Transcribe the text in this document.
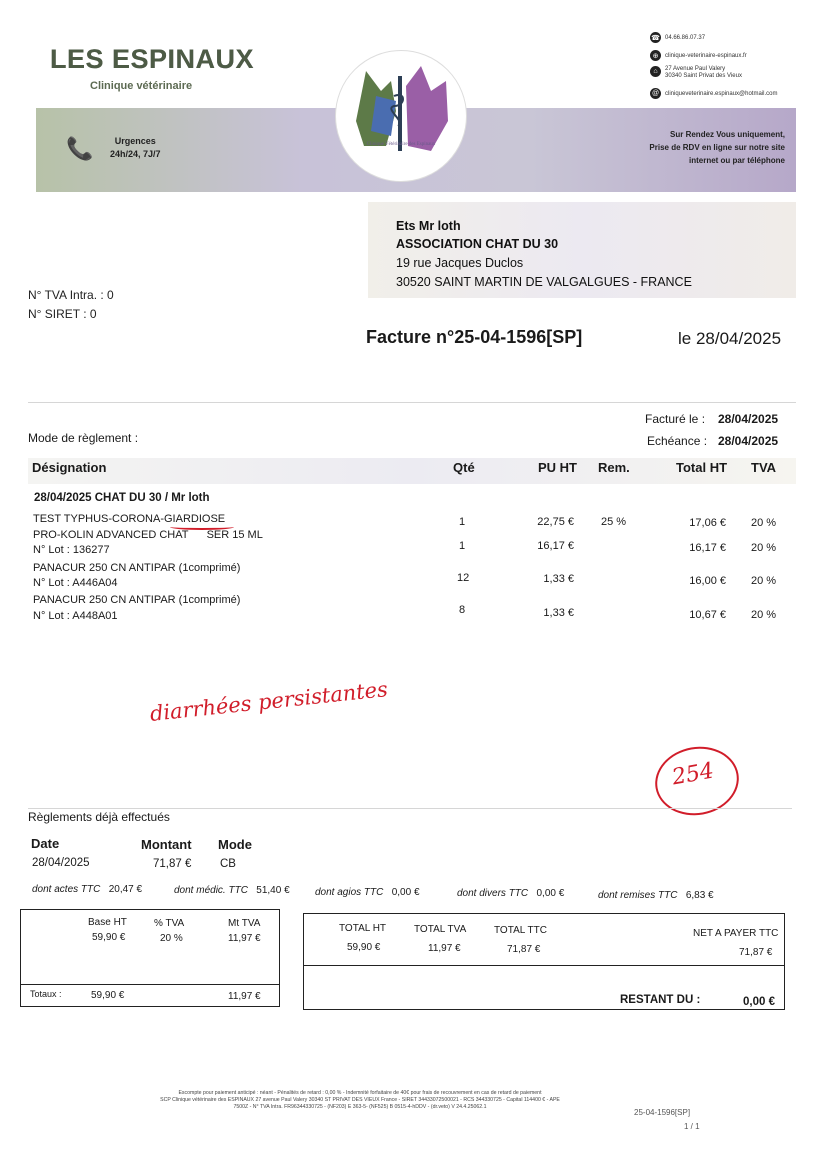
LES ESPINAUX
Clinique vétérinaire
☎ 04.66.86.07.37
⊕	clinique-veterinaire-espinaux.fr
⌂	27 Avenue Paul Valery
30340 Saint Privat des Vieux
@ cliniqueveterinaire.espinaux@hotmail.com
📞	Urgences
24h/24, 7J/7
Sur Rendez Vous uniquement,
Prise de RDV en ligne sur notre site
internet ou par téléphone
Clinique Vétérinaire des Espinaux
Ets Mr loth
ASSOCIATION CHAT DU 30
19 rue Jacques Duclos
30520 SAINT MARTIN DE VALGALGUES - FRANCE
N° TVA Intra. : 0
N° SIRET : 0
Facture n°25-04-1596[SP]	le 28/04/2025
Facturé le : 28/04/2025
Echéance : 28/04/2025
Mode de règlement :
Désignation	Qté	PU HT Rem.	Total HT TVA
28/04/2025 CHAT DU 30 / Mr loth
TEST TYPHUS-CORONA-GIARDIOSE	1	22,75 € 25 %	17,06 € 20 %
PRO-KOLIN ADVANCED CHAT      SER 15 ML
N° Lot : 136277	1	16,17 €	16,17 € 20 %
PANACUR 250 CN ANTIPAR (1comprimé)
N° Lot : A446A04	12	1,33 €	16,00 € 20 %
PANACUR 250 CN ANTIPAR (1comprimé)
N° Lot : A448A01	8	1,33 €	10,67 € 20 %
diarrhées persistantes
254
Règlements déjà effectués
Date	Montant Mode
28/04/2025	71,87 € CB
dont actes TTC 20,47 €	dont médic. TTC 51,40 €	dont agios TTC 0,00 €	dont divers TTC 0,00 €	dont remises TTC 6,83 €
Base HT	% TVA	Mt TVA
59,90 €	20 %	11,97 €
Totaux :	59,90 €	11,97 €
TOTAL HT	TOTAL TVA	TOTAL TTC	NET A PAYER TTC
59,90 €	11,97 €	71,87 €	71,87 €
RESTANT DU :	0,00 €
Escompte pour paiement anticipé : néant - Pénalités de retard : 0,00 % - Indemnité forfaitaire de 40€ pour frais de recouvrement en cas de retard de paiement
SCP Clinique vétérinaire des ESPINAUX 27 avenue Paul Valery 30340 ST PRIVAT DES VIEUX France - SIRET 34433072500021 - RCS 344330725 - Capital 114400 € - APE
7500Z - N° TVA Intra. FR96344330725 - (NF203) E 363-5- (NF525) B 0515-4-hDDV - (dr.veto) V 24.4.25062.1
25-04-1596[SP]
1 / 1
